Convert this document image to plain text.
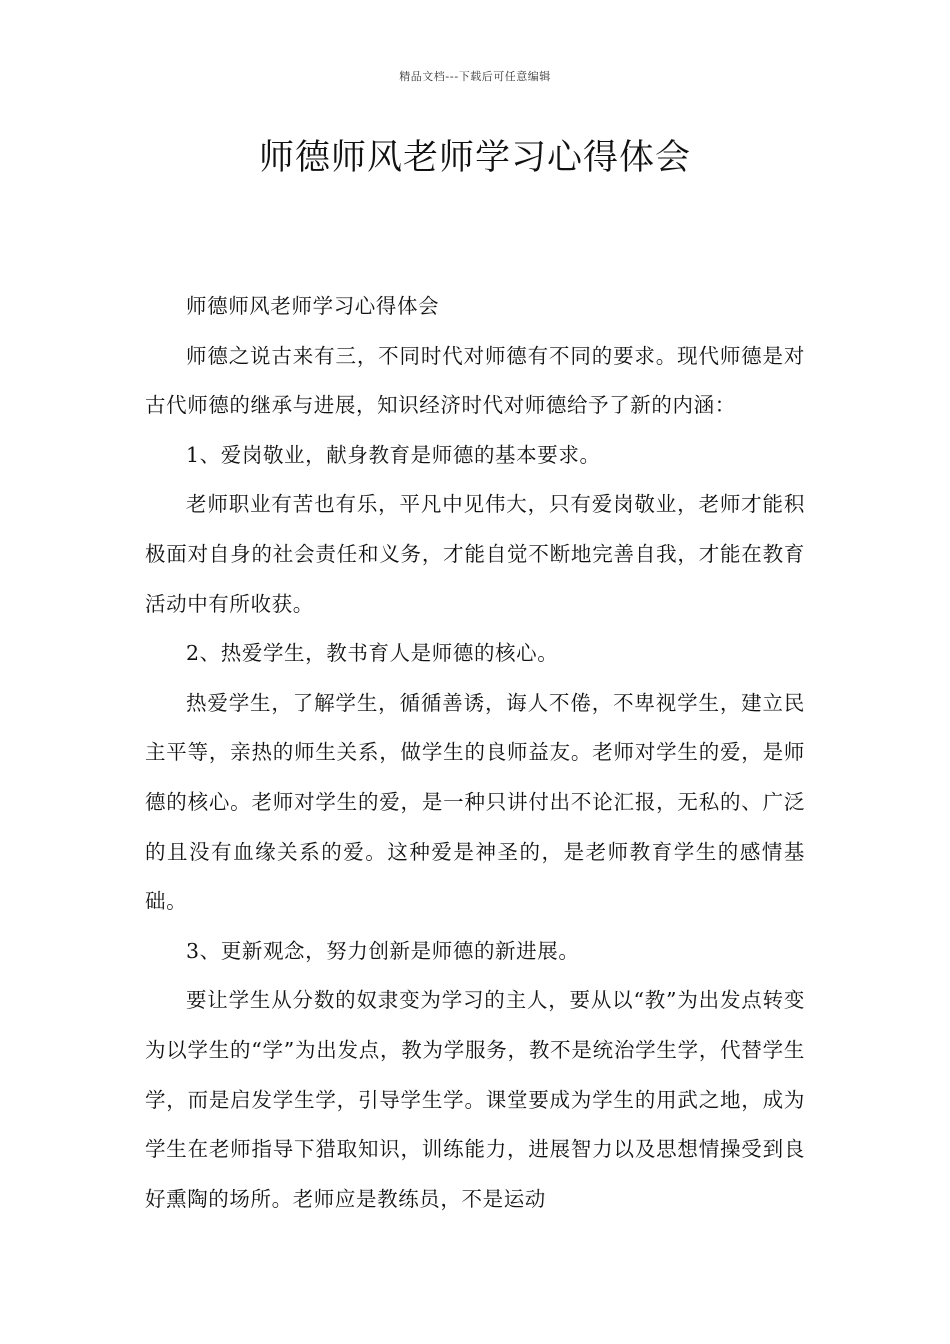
精品文档---下载后可任意编辑
师德师风老师学习心得体会

师德师风老师学习心得体会

师德之说古来有三，不同时代对师德有不同的要求。现代师德是对古代师德的继承与进展，知识经济时代对师德给予了新的内涵：

1、爱岗敬业，献身教育是师德的基本要求。

老师职业有苦也有乐，平凡中见伟大，只有爱岗敬业，老师才能积极面对自身的社会责任和义务，才能自觉不断地完善自我，才能在教育活动中有所收获。

2、热爱学生，教书育人是师德的核心。

热爱学生，了解学生，循循善诱，诲人不倦，不卑视学生，建立民主平等，亲热的师生关系，做学生的良师益友。老师对学生的爱，是师德的核心。老师对学生的爱，是一种只讲付出不论汇报，无私的、广泛的且没有血缘关系的爱。这种爱是神圣的，是老师教育学生的感情基础。

3、更新观念，努力创新是师德的新进展。

要让学生从分数的奴隶变为学习的主人，要从以“教”为出发点转变为以学生的“学”为出发点，教为学服务，教不是统治学生学，代替学生学，而是启发学生学，引导学生学。课堂要成为学生的用武之地，成为学生在老师指导下猎取知识，训练能力，进展智力以及思想情操受到良好熏陶的场所。老师应是教练员，不是运动
